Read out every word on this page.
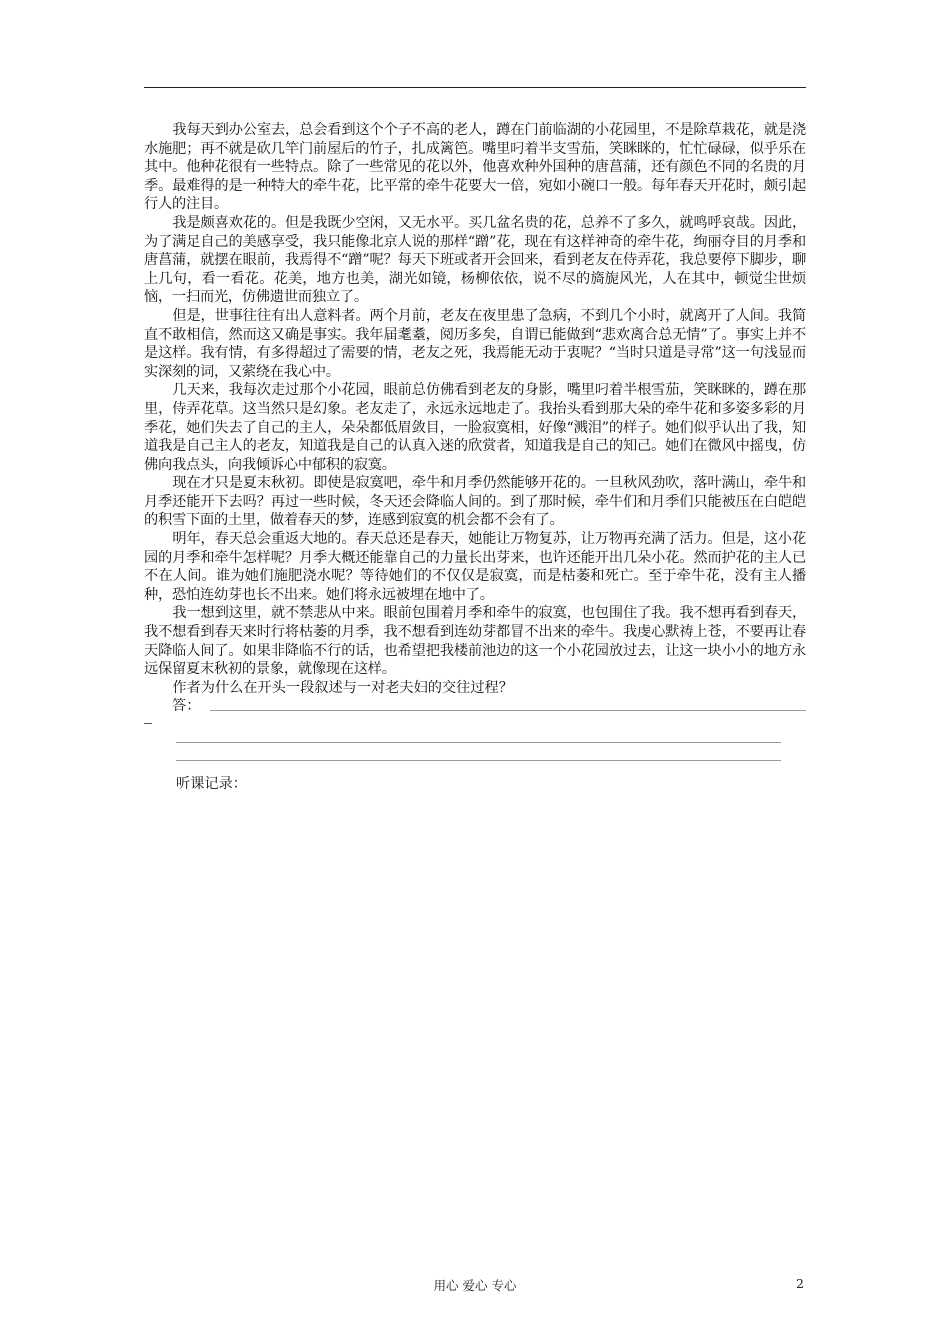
我每天到办公室去，总会看到这个个子不高的老人，蹲在门前临湖的小花园里，不是除草栽花，就是浇水施肥；再不就是砍几竿门前屋后的竹子，扎成篱笆。嘴里叼着半支雪茄，笑眯眯的，忙忙碌碌，似乎乐在其中。他种花很有一些特点。除了一些常见的花以外，他喜欢种外国种的唐菖蒲，还有颜色不同的名贵的月季。最难得的是一种特大的牵牛花，比平常的牵牛花要大一倍，宛如小碗口一般。每年春天开花时，颇引起行人的注目。

我是颇喜欢花的。但是我既少空闲，又无水平。买几盆名贵的花，总养不了多久，就鸣呼哀哉。因此，为了满足自己的美感享受，我只能像北京人说的那样“蹭”花，现在有这样神奇的牵牛花，绚丽夺目的月季和唐菖蒲，就摆在眼前，我焉得不“蹭”呢？每天下班或者开会回来，看到老友在侍弄花，我总要停下脚步，聊上几句，看一看花。花美，地方也美，湖光如镜，杨柳依依，说不尽的旖旎风光，人在其中，顿觉尘世烦恼，一扫而光，仿佛遗世而独立了。

但是，世事往往有出人意料者。两个月前，老友在夜里患了急病，不到几个小时，就离开了人间。我简直不敢相信，然而这又确是事实。我年届耄耋，阅历多矣，自谓已能做到“悲欢离合总无情”了。事实上并不是这样。我有情，有多得超过了需要的情，老友之死，我焉能无动于衷呢？“当时只道是寻常”这一句浅显而实深刻的词，又萦绕在我心中。

几天来，我每次走过那个小花园，眼前总仿佛看到老友的身影，嘴里叼着半根雪茄，笑眯眯的，蹲在那里，侍弄花草。这当然只是幻象。老友走了，永远永远地走了。我抬头看到那大朵的牵牛花和多姿多彩的月季花，她们失去了自己的主人，朵朵都低眉敛目，一脸寂寞相，好像“溅泪”的样子。她们似乎认出了我，知道我是自己主人的老友，知道我是自己的认真入迷的欣赏者，知道我是自己的知己。她们在微风中摇曳，仿佛向我点头，向我倾诉心中郁积的寂寞。

现在才只是夏末秋初。即使是寂寞吧，牵牛和月季仍然能够开花的。一旦秋风劲吹，落叶满山，牵牛和月季还能开下去吗？再过一些时候，冬天还会降临人间的。到了那时候，牵牛们和月季们只能被压在白皑皑的积雪下面的土里，做着春天的梦，连感到寂寞的机会都不会有了。

明年，春天总会重返大地的。春天总还是春天，她能让万物复苏，让万物再充满了活力。但是，这小花园的月季和牵牛怎样呢？月季大概还能靠自己的力量长出芽来，也许还能开出几朵小花。然而护花的主人已不在人间。谁为她们施肥浇水呢？等待她们的不仅仅是寂寞，而是枯萎和死亡。至于牵牛花，没有主人播种，恐怕连幼芽也长不出来。她们将永远被埋在地中了。

我一想到这里，就不禁悲从中来。眼前包围着月季和牵牛的寂寞，也包围住了我。我不想再看到春天，我不想看到春天来时行将枯萎的月季，我不想看到连幼芽都冒不出来的牵牛。我虔心默祷上苍，不要再让春天降临人间了。如果非降临不行的话，也希望把我楼前池边的这一个小花园放过去，让这一块小小的地方永远保留夏末秋初的景象，就像现在这样。

作者为什么在开头一段叙述与一对老夫妇的交往过程？

答：
听课记录：
用心 爱心 专心	2
